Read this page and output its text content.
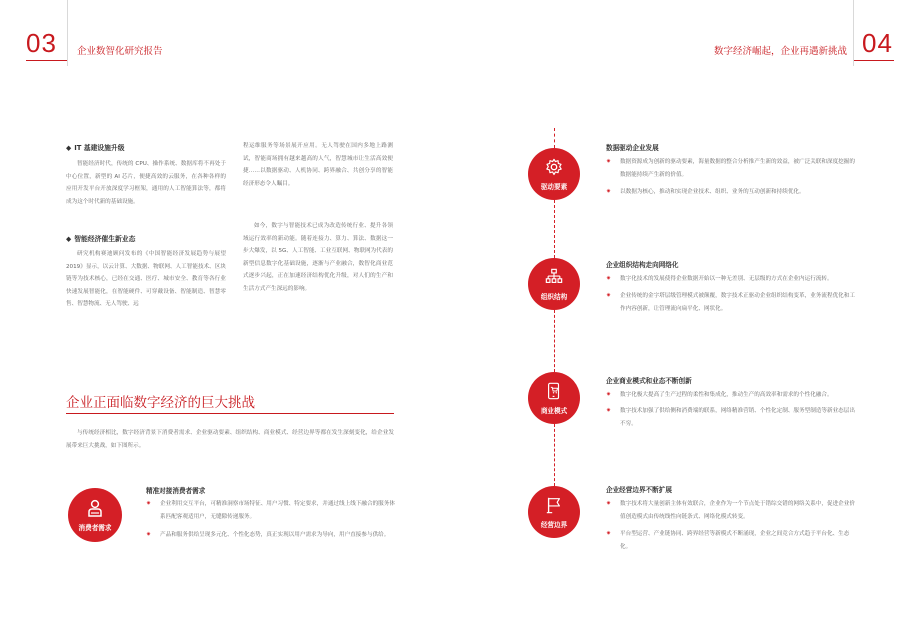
03 企业数智化研究报告	数字经济崛起，企业再遇新挑战 04
◆ IT 基建设施升级
智能经济时代，传统的 CPU、操作系统、数据库将不再处于中心位置，新型的 AI 芯片，便捷高效的云服务，在各种各样的应用开发平台开放深度学习框架，通用的人工智能算法等，都将成为这个时代新的基础设施。
◆ 智能经济催生新业态
研究机构赛迪顾问发布的《中国智能经济发展趋势与展望 2019》显示，以云计算、大数据、物联网、人工智能技术、区块链等为技术核心，已经在交通、医疗、城市安全、教育等各行业快速发展智能化，在智能硬件、可穿戴设备、智能制造、智慧零售、智慧物流、无人驾驶、远
程运维服务等场景展开应用。无人驾驶在国内多地上路测试，智能商场拥有越来越高的人气，智慧城市让生活高效便捷……以数据驱动、人机协同、跨界融合、共创分享的智能经济形态令人瞩目。
如今，数字与智能技术已成为改造传统行业、提升各领域运行效率的新动能。随着连接力、算力、算法、数据这一步大爆发，以 5G、人工智能、工业互联网、物联网为代表的新型信息数字化基础设施，逐渐与产业融合，数智化商业范式逐步兴起，正在加速经济结构优化升级，对人们的生产和生活方式产生深远的影响。
企业正面临数字经济的巨大挑战
与传统经济相比，数字经济背景下消费者需求、企业驱动要素、组织结构、商业模式、经营边界等都在发生深刻变化，给企业发展带来巨大挑战，如下图所示。
消费者需求
精准对接消费者需求
✷ 企业利用交互平台，可精准洞察市场特征、用户习惯、特定要求，并通过线上线下融合的服务体系匹配客观适用户，无缝隙传递服务。
✷ 产品和服务供给呈现多元化、个性化态势，真正实现以用户需求为导向，用户直接参与供给。
驱动要素
数据驱动企业发展
✷ 数据资源成为创新的驱动要素，海量数据的整合分析推产生新的效益，被广泛关联和深度挖掘的数据能持续产生新的价值。
✷ 以数据为核心，推动和实现企业技术、组织、业务的互动创新和持续优化。
组织结构
企业组织结构走向网络化
✷ 数字化技术的发展使得企业数据开始以一种无差别、无层级的方式在企业内运行流转。
✷ 企业传统的金字塔层级管理模式被颠覆，数字技术正驱动企业组织结构变革，业务流程优化和工作内容创新，让管理流向扁平化、网状化。
商业模式
企业商业模式和业态不断创新
✷ 数字化极大提高了生产过程的柔性和集成化，推动生产的高效率和需求的个性化融合。
✷ 数字技术加强了供给侧和消费端的联系，网络精准营销、个性化定制、服务型制造等新业态层出不穷。
经营边界
企业经营边界不断扩展
✷ 数字技术将大量创新主体有效联合，企业作为一个节点处于错综交错的网络关系中，促进企业价值创造模式由传统线性向链条式、网络化模式转变。
✷ 平台型运营、产业链协同、跨界经营等新模式不断涌现，企业之间竞合方式趋于平台化、生态化。
